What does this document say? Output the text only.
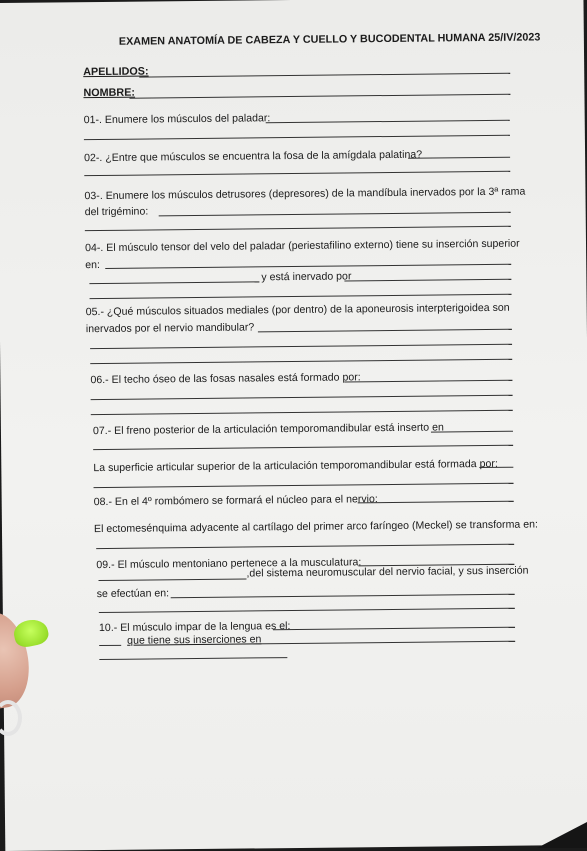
EXAMEN ANATOMÍA DE CABEZA Y CUELLO Y BUCODENTAL HUMANA 25/IV/2023
APELLIDOS:
NOMBRE:
01-. Enumere los músculos del paladar:
02-. ¿Entre que músculos se encuentra la fosa de la amígdala palatina?
03-. Enumere los músculos detrusores (depresores) de la mandíbula inervados por la 3ª rama
del trigémino:
04-. El músculo tensor del velo del paladar (periestafilino externo) tiene su inserción superior
en:
y está inervado por
05.- ¿Qué músculos situados mediales (por dentro) de la aponeurosis interpterigoidea son
inervados por el nervio mandibular?
06.- El techo óseo de las fosas nasales está formado por:
07.- El freno posterior de la articulación temporomandibular está inserto en
La superficie articular superior de la articulación temporomandibular está formada por:
08.- En el 4º rombómero se formará el núcleo para el nervio:
El ectomesénquima adyacente al cartílago del primer arco faríngeo (Meckel) se transforma en:
09.- El músculo mentoniano pertenece a la musculatura:
,del sistema neuromuscular del nervio facial, y sus inserción
se efectúan en:
10.- El músculo impar de la lengua es el:
que tiene sus inserciones en
